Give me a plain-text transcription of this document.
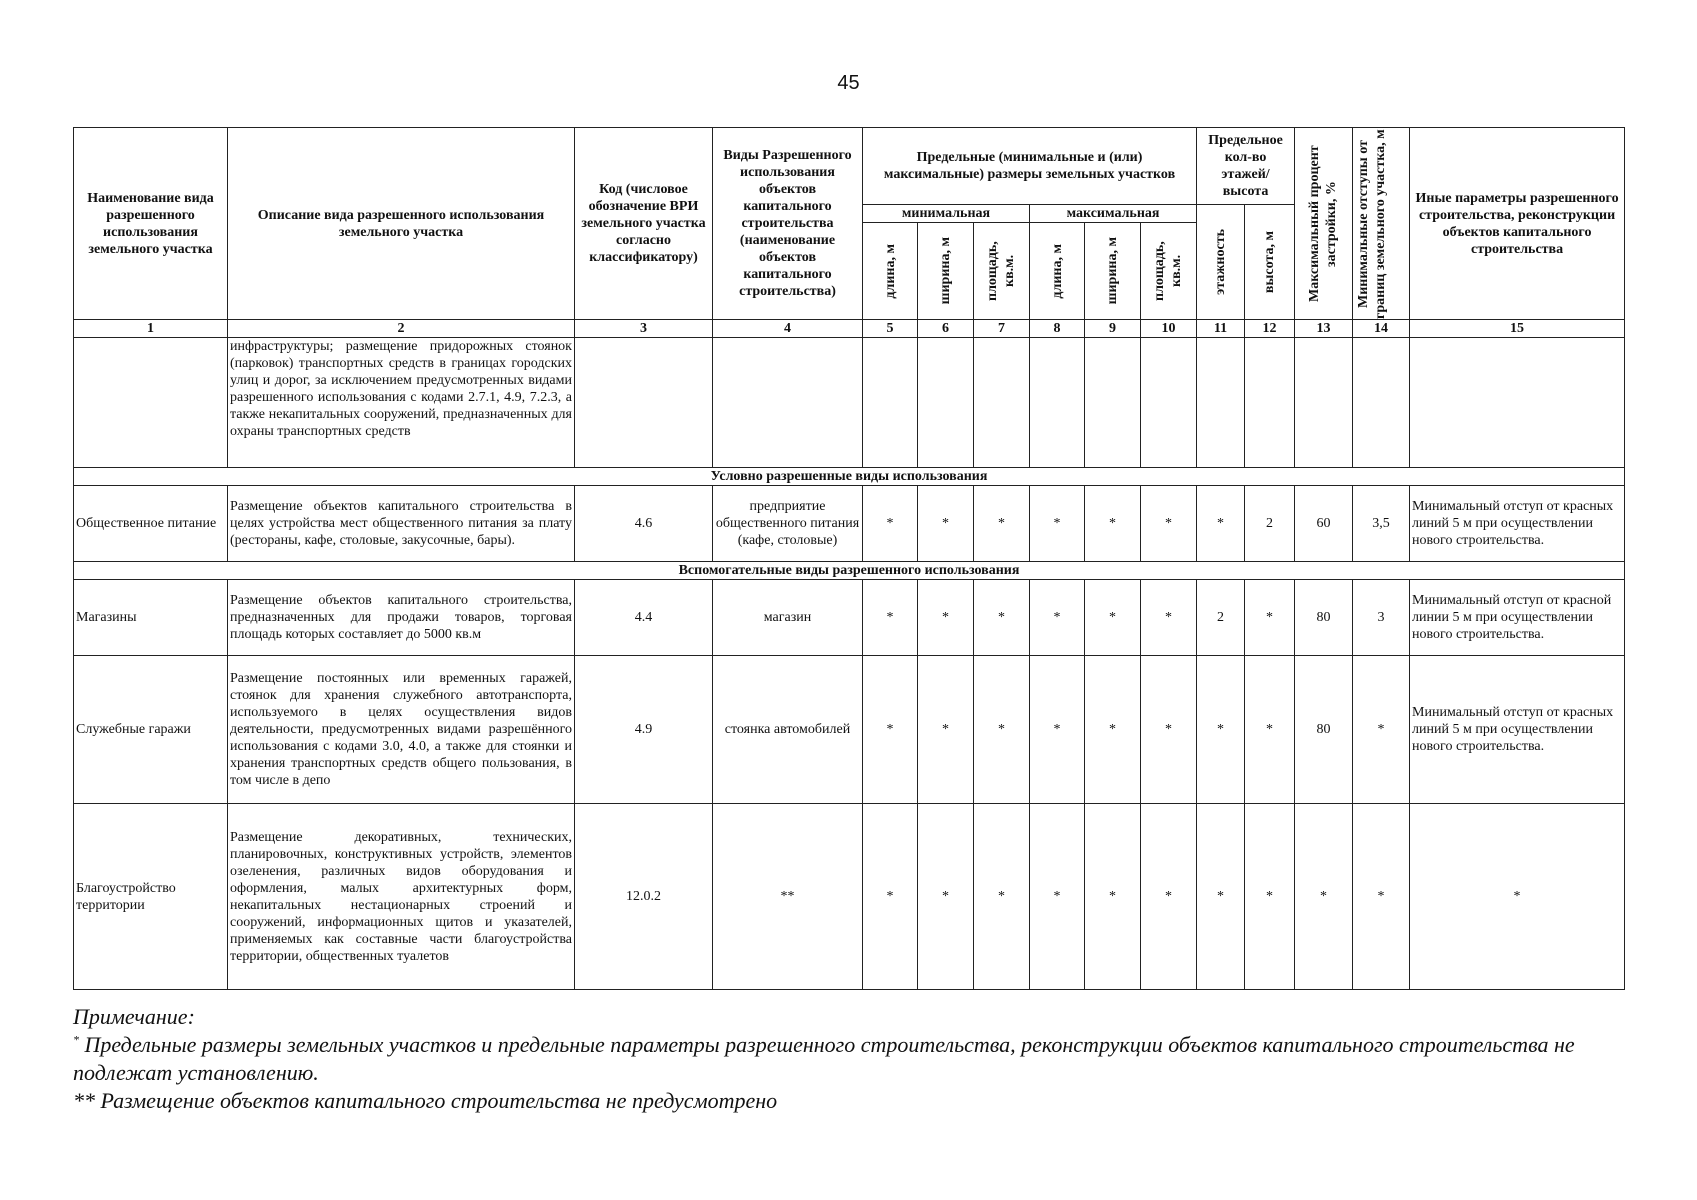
45
Наименование вида разрешенного использования земельного участка	Описание вида разрешенного использования земельного участка	Код (числовое обозначение ВРИ земельного участка согласно классификатору)	Виды Разрешенного использования объектов капитального строительства (наименование объектов капитального строительства)	Предельные (минимальные и (или) максимальные) размеры земельных участков						Предельное кол-во этажей/ высота		Максимальный процент застройки, %	Минимальные отступы от границ земельного участка, м	Иные параметры разрешенного строительства, реконструкции объектов капитального строительства
				минимальная			максимальная			этажность	высота, м			

				длина, м	ширина, м	площадь, кв.м.	длина, м	ширина, м	площадь, кв.м.					

1	2	3	4	5	6	7	8	9	10	11	12	13	14	15
	инфраструктуры; размещение придорожных стоянок (парковок) транспортных средств в границах городских улиц и дорог, за исключением предусмотренных видами разрешенного использования с кодами 2.7.1, 4.9, 7.2.3, а также некапитальных сооружений, предназначенных для охраны транспортных средств													
Условно разрешенные виды использования														
Общественное питание	Размещение объектов капитального строительства в целях устройства мест общественного питания за плату (рестораны, кафе, столовые, закусочные, бары).	4.6	предприятие общественного питания (кафе, столовые)	*	*	*	*	*	*	*	2	60	3,5	Минимальный отступ от красных линий 5 м при осуществлении нового строительства.
Вспомогательные виды разрешенного использования														
Магазины	Размещение объектов капитального строительства, предназначенных для продажи товаров, торговая площадь которых составляет до 5000 кв.м	4.4	магазин	*	*	*	*	*	*	2	*	80	3	Минимальный отступ от красной линии 5 м при осуществлении нового строительства.
Служебные гаражи	Размещение постоянных или временных гаражей, стоянок для хранения служебного автотранспорта, используемого в целях осуществления видов деятельности, предусмотренных видами разрешённого использования с кодами 3.0, 4.0, а также для стоянки и хранения транспортных средств общего пользования, в том числе в депо	4.9	стоянка автомобилей	*	*	*	*	*	*	*	*	80	*	Минимальный отступ от красных линий 5 м при осуществлении нового строительства.
Благоустройство территории	Размещение декоративных, технических, планировочных, конструктивных устройств, элементов озеленения, различных видов оборудования и оформления, малых архитектурных форм, некапитальных нестационарных строений и сооружений, информационных щитов и указателей, применяемых как составные части благоустройства территории, общественных туалетов	12.0.2	**	*	*	*	*	*	*	*	*	*	*	*
Примечание:
* Предельные размеры земельных участков и предельные параметры разрешенного строительства, реконструкции объектов капитального строительства не подлежат установлению.
** Размещение объектов капитального строительства не предусмотрено
